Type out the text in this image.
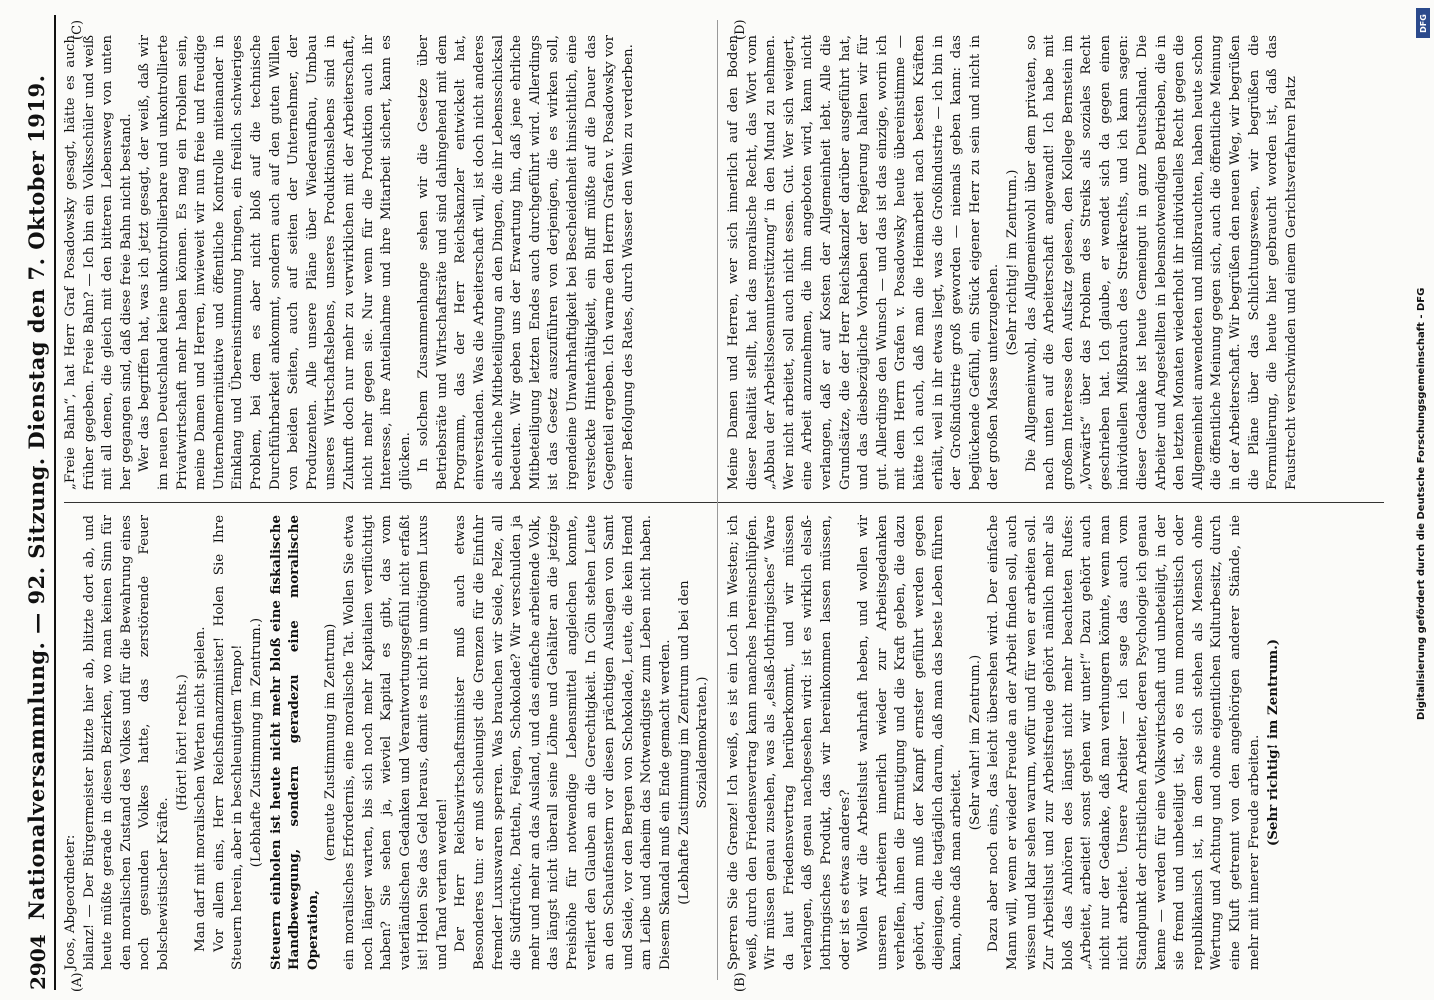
2904
Nationalversammlung. — 92. Sitzung. Dienstag den 7. Oktober 1919.
(A)	(B)
(C)	(D)

Joos, Abgeordneter: bilanz! — Der Bürgermeister blitzte hier ab, blitzte dort ab, und heute müßte gerade in diesen Bezirken, wo man keinen Sinn für den moralischen Zustand des Volkes und für die Bewahrung eines noch gesunden Volkes hatte, das zerstörende Feuer bolschewistischer Kräfte.

(Hört! hört! rechts.) Man darf mit moralischen Werten nicht spielen. Vor allem eins, Herr Reichsfinanzminister! Holen Sie Ihre Steuern herein, aber in beschleunigtem Tempo! (Lebhafte Zustimmung im Zentrum.) Steuern einholen ist heute nicht mehr bloß eine fiskalische Handbewegung, sondern geradezu eine moralische Operation,

(erneute Zustimmung im Zentrum) ein moralisches Erfordernis, eine moralische Tat. Wollen Sie etwa noch länger warten, bis sich noch mehr Kapitalien verflüchtigt haben? Sie sehen ja, wieviel Kapital es gibt, das vom vaterländischen Gedanken und Verantwortungsgefühl nicht erfaßt ist! Holen Sie das Geld heraus, damit es nicht in unnötigem Luxus und Tand vertan werden! Der Herr Reichswirtschaftsminister muß auch etwas Besonderes tun: er muß schleunigst die Grenzen für die Einfuhr fremder Luxuswaren sperren. Was brauchen wir Seide, Pelze, all die Südfrüchte, Datteln, Feigen, Schokolade? Wir verschulden ja mehr und mehr an das Ausland, und das einfache arbeitende Volk, das längst nicht überall seine Löhne und Gehälter an die jetzige Preishöhe für notwendige Lebensmittel angleichen konnte, verliert den Glauben an die Gerechtigkeit. In Cöln stehen Leute an den Schaufenstern vor diesen prächtigen Auslagen von Samt und Seide, vor den Bergen von Schokolade, Leute, die kein Hemd am Leibe und daheim das Notwendigste zum Leben nicht haben. Diesem Skandal muß ein Ende gemacht werden. (Lebhafte Zustimmung im Zentrum und bei den Sozialdemokraten.)

„Freie Bahn“, hat Herr Graf Posadowsky gesagt, hätte es auch früher gegeben. Freie Bahn? — Ich bin ein Volksschüler und weiß mit all denen, die gleich mit den bitteren Lebensweg von unten her gegangen sind, daß diese freie Bahn nicht bestand. Wer das begriffen hat, was ich jetzt gesagt, der weiß, daß wir im neuen Deutschland keine unkontrollierbare und unkontrollierte Privatwirtschaft mehr haben können. Es mag ein Problem sein, meine Damen und Herren, inwieweit wir nun freie und freudige Unternehmerinitiative und öffentliche Kontrolle miteinander in Einklang und Übereinstimmung bringen, ein freilich schwieriges Problem, bei dem es aber nicht bloß auf die technische Durchführbarkeit ankommt, sondern auch auf den guten Willen von beiden Seiten, auch auf seiten der Unternehmer, der Produzenten. Alle unsere Pläne über Wiederaufbau, Umbau unseres Wirtschaftslebens, unseres Produktionslebens sind in Zukunft doch nur mehr zu verwirklichen mit der Arbeiterschaft, nicht mehr gegen sie. Nur wenn für die Produktion auch ihr Interesse, ihre Anteilnahme und ihre Mitarbeit sichert, kann es glücken. In solchem Zusammenhange sehen wir die Gesetze über Betriebsräte und Wirtschaftsräte und sind dahingehend mit dem Programm, das der Herr Reichskanzler entwickelt hat, einverstanden. Was die Arbeiterschaft will, ist doch nicht anderes als ehrliche Mitbeteiligung an den Dingen, die ihr Lebensschicksal bedeuten. Wir geben uns der Erwartung hin, daß jene ehrliche Mitbeteiligung letzten Endes auch durchgeführt wird. Allerdings ist das Gesetz auszuführen von derjenigen, die es wirken soll, irgendeine Unwahrhaftigkeit bei Bescheidenheit hinsichtlich, eine versteckte Hinterhältigkeit, ein Bluff müßte auf die Dauer das Gegenteil ergeben. Ich warne den Herrn Grafen v. Posadowsky vor einer Befolgung des Rates, durch Wasser den Wein zu verderben.

Sperren Sie die Grenze! Ich weiß, es ist ein Loch im Westen; ich weiß, durch den Friedensvertrag kann manches hereinschlüpfen. Wir müssen genau zusehen, was als „elsaß-lothringisches“ Ware da laut Friedensvertrag herüberkommt, und wir müssen verlangen, daß genau nachgesehen wird: ist es wirklich elsaß-lothringisches Produkt, das wir hereinkommen lassen müssen, oder ist es etwas anderes? Wollen wir die Arbeitslust wahrhaft heben, und wollen wir unseren Arbeitern innerlich wieder zur Arbeitsgedanken verhelfen, ihnen die Ermutigung und die Kraft geben, die dazu gehört, dann muß der Kampf ernster geführt werden gegen diejenigen, die tagtäglich darum, daß man das beste Leben führen kann, ohne daß man arbeitet.

(Sehr wahr! im Zentrum.) Dazu aber noch eins, das leicht übersehen wird. Der einfache Mann will, wenn er wieder Freude an der Arbeit finden soll, auch wissen und klar sehen warum, wofür und für wen er arbeiten soll. Zur Arbeitslust und zur Arbeitsfreude gehört nämlich mehr als bloß das Anhören des längst nicht mehr beachteten Rufes: „Arbeitet, arbeitet! sonst gehen wir unter!“ Dazu gehört auch nicht nur der Gedanke, daß man verhungern könnte, wenn man nicht arbeitet. Unsere Arbeiter — ich sage das auch vom Standpunkt der christlichen Arbeiter, deren Psychologie ich genau kenne — werden für eine Volkswirtschaft und unbeteiligt, in der sie fremd und unbeteiligt ist, ob es nun monarchistisch oder republikanisch ist, in dem sie sich stehen als Mensch ohne Wertung und Achtung und ohne eigentlichen Kulturbesitz, durch eine Kluft getrennt von den angehörigen anderer Stände, nie mehr mit innerer Freude arbeiten. (Sehr richtig! im Zentrum.)

Meine Damen und Herren, wer sich innerlich auf den Boden dieser Realität stellt, hat das moralische Recht, das Wort vom „Abbau der Arbeitslosenunterstützung“ in den Mund zu nehmen. Wer nicht arbeitet, soll auch nicht essen. Gut. Wer sich weigert, eine Arbeit anzunehmen, die ihm angeboten wird, kann nicht verlangen, daß er auf Kosten der Allgemeinheit lebt. Alle die Grundsätze, die der Herr Reichskanzler darüber ausgeführt hat, und das diesbezügliche Vorhaben der Regierung halten wir für gut. Allerdings den Wunsch — und das ist das einzige, worin ich mit dem Herrn Grafen v. Posadowsky heute übereinstimme — hätte ich auch, daß man die Heimarbeit nach besten Kräften erhält, weil in ihr etwas liegt, was die Großindustrie — ich bin in der Großindustrie groß geworden — niemals geben kann: das beglückende Gefühl, ein Stück eigener Herr zu sein und nicht in der großen Masse unterzugehen.

(Sehr richtig! im Zentrum.) Die Allgemeinwohl, das Allgemeinwohl über dem privaten, so nach unten auf die Arbeiterschaft angewandt! Ich habe mit großem Interesse den Aufsatz gelesen, den Kollege Bernstein im „Vorwärts“ über das Problem des Streiks als soziales Recht geschrieben hat. Ich glaube, er wendet sich da gegen einen individuellen Mißbrauch des Streikrechts, und ich kann sagen: dieser Gedanke ist heute Gemeingut in ganz Deutschland. Die Arbeiter und Angestellten in lebensnotwendigen Betrieben, die in den letzten Monaten wiederholt ihr individuelles Recht gegen die Allgemeinheit anwendeten und mißbrauchten, haben heute schon die öffentliche Meinung gegen sich, auch die öffentliche Meinung in der Arbeiterschaft. Wir begrüßen den neuen Weg, wir begrüßen die Pläne über das Schlichtungswesen, wir begrüßen die Formulierung, die heute hier gebraucht worden ist, daß das Faustrecht verschwinden und einem Gerichtsverfahren Platz

DFG
Digitalisierung gefördert durch die Deutsche Forschungsgemeinschaft - DFG
